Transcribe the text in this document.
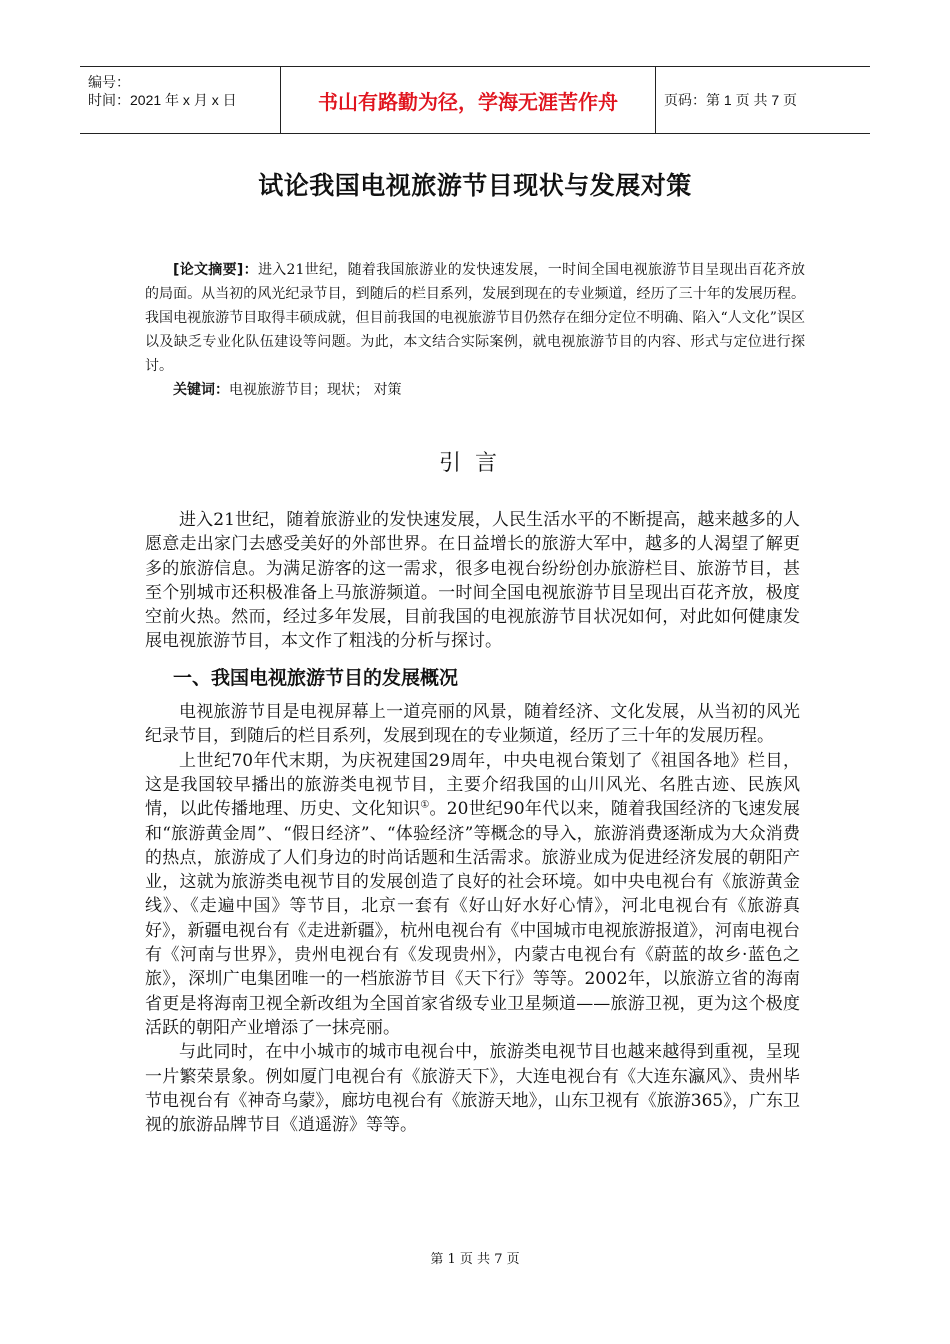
编号：
时间：2021 年 x 月 x 日	书山有路勤为径，学海无涯苦作舟	页码：第 1 页 共 7 页
试论我国电视旅游节目现状与发展对策

[论文摘要]：进入21世纪，随着我国旅游业的发快速发展，一时间全国电视旅游节目呈现出百花齐放的局面。从当初的风光纪录节目，到随后的栏目系列，发展到现在的专业频道，经历了三十年的发展历程。我国电视旅游节目取得丰硕成就，但目前我国的电视旅游节目仍然存在细分定位不明确、陷入“人文化”误区以及缺乏专业化队伍建设等问题。为此，本文结合实际案例，就电视旅游节目的内容、形式与定位进行探讨。

关键词：电视旅游节目；现状； 对策
引言

进入21世纪，随着旅游业的发快速发展，人民生活水平的不断提高，越来越多的人愿意走出家门去感受美好的外部世界。在日益增长的旅游大军中，越多的人渴望了解更多的旅游信息。为满足游客的这一需求，很多电视台纷纷创办旅游栏目、旅游节目，甚至个别城市还积极准备上马旅游频道。一时间全国电视旅游节目呈现出百花齐放，极度空前火热。然而，经过多年发展，目前我国的电视旅游节目状况如何，对此如何健康发展电视旅游节目，本文作了粗浅的分析与探讨。

一、我国电视旅游节目的发展概况

电视旅游节目是电视屏幕上一道亮丽的风景，随着经济、文化发展，从当初的风光纪录节目，到随后的栏目系列，发展到现在的专业频道，经历了三十年的发展历程。

上世纪70年代末期，为庆祝建国29周年，中央电视台策划了《祖国各地》栏目，这是我国较早播出的旅游类电视节目，主要介绍我国的山川风光、名胜古迹、民族风情，以此传播地理、历史、文化知识①。20世纪90年代以来，随着我国经济的飞速发展和“旅游黄金周”、“假日经济”、“体验经济”等概念的导入，旅游消费逐渐成为大众消费的热点，旅游成了人们身边的时尚话题和生活需求。旅游业成为促进经济发展的朝阳产业，这就为旅游类电视节目的发展创造了良好的社会环境。如中央电视台有《旅游黄金线》、《走遍中国》等节目，北京一套有《好山好水好心情》，河北电视台有《旅游真好》，新疆电视台有《走进新疆》，杭州电视台有《中国城市电视旅游报道》，河南电视台有《河南与世界》，贵州电视台有《发现贵州》，内蒙古电视台有《蔚蓝的故乡·蓝色之旅》，深圳广电集团唯一的一档旅游节目《天下行》等等。2002年，以旅游立省的海南省更是将海南卫视全新改组为全国首家省级专业卫星频道——旅游卫视，更为这个极度活跃的朝阳产业增添了一抹亮丽。

与此同时，在中小城市的城市电视台中，旅游类电视节目也越来越得到重视，呈现一片繁荣景象。例如厦门电视台有《旅游天下》，大连电视台有《大连东瀛风》、贵州毕节电视台有《神奇乌蒙》，廊坊电视台有《旅游天地》，山东卫视有《旅游365》，广东卫视的旅游品牌节目《逍遥游》等等。

第 1 页 共 7 页
